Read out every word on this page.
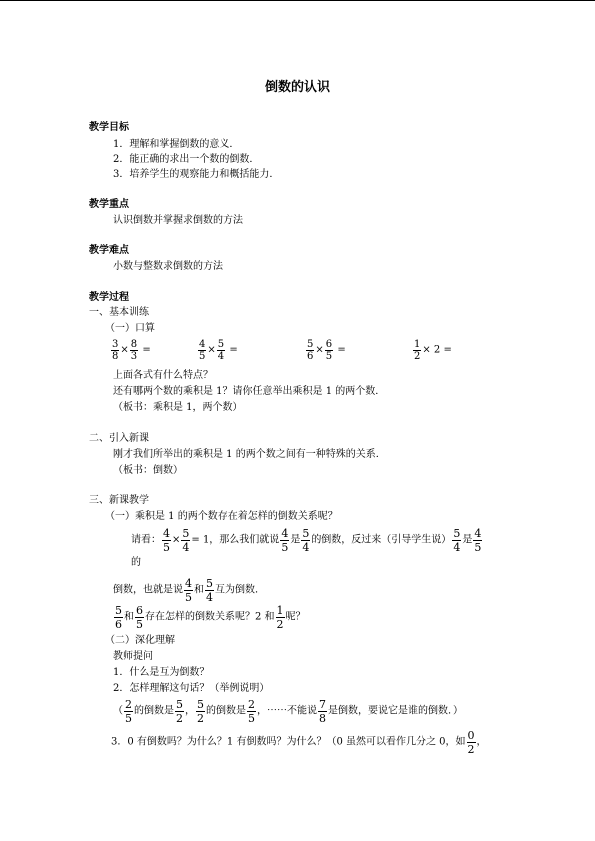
倒数的认识
教学目标
1．理解和掌握倒数的意义．
2．能正确的求出一个数的倒数．
3．培养学生的观察能力和概括能力．
教学重点
认识倒数并掌握求倒数的方法
教学难点
小数与整数求倒数的方法
教学过程
一、基本训练
（一）口算
$\frac{3}{8} \times \frac{8}{3}$ =	$\frac{4}{5} \times \frac{5}{4}$ =	$\frac{5}{6} \times \frac{6}{5}$ =	$\frac{1}{2} \times 2$ =
上面各式有什么特点？
还有哪两个数的乘积是 1？请你任意举出乘积是 1 的两个数．
（板书：乘积是 1，两个数）
二、引入新课
刚才我们所举出的乘积是 1 的两个数之间有一种特殊的关系．
（板书：倒数）
三、新课教学
（一）乘积是 1 的两个数存在着怎样的倒数关系呢？
请看： $\frac{4}{5} \times \frac{5}{4} = 1$，那么我们就说 $\frac{4}{5}$ 是 $\frac{5}{4}$ 的倒数，反过来（引导学生说） $\frac{5}{4}$ 是 $\frac{4}{5}$
的
倒数，也就是说 $\frac{4}{5}$ 和 $\frac{5}{4}$ 互为倒数．
$\frac{5}{6}$ 和 $\frac{6}{5}$ 存在怎样的倒数关系呢？2 和 $\frac{1}{2}$ 呢？
（二）深化理解
教师提问
1．什么是互为倒数？
2．怎样理解这句话？（举例说明）
（ $\frac{2}{5}$ 的倒数是 $\frac{5}{2}$ ， $\frac{5}{2}$ 的倒数是 $\frac{2}{5}$ ，⋯⋯不能说 $\frac{7}{8}$ 是倒数，要说它是谁的倒数．）
3．0 有倒数吗？为什么？1 有倒数吗？为什么？（0 虽然可以看作几分之 0，如 $\frac{0}{2}$ ，
